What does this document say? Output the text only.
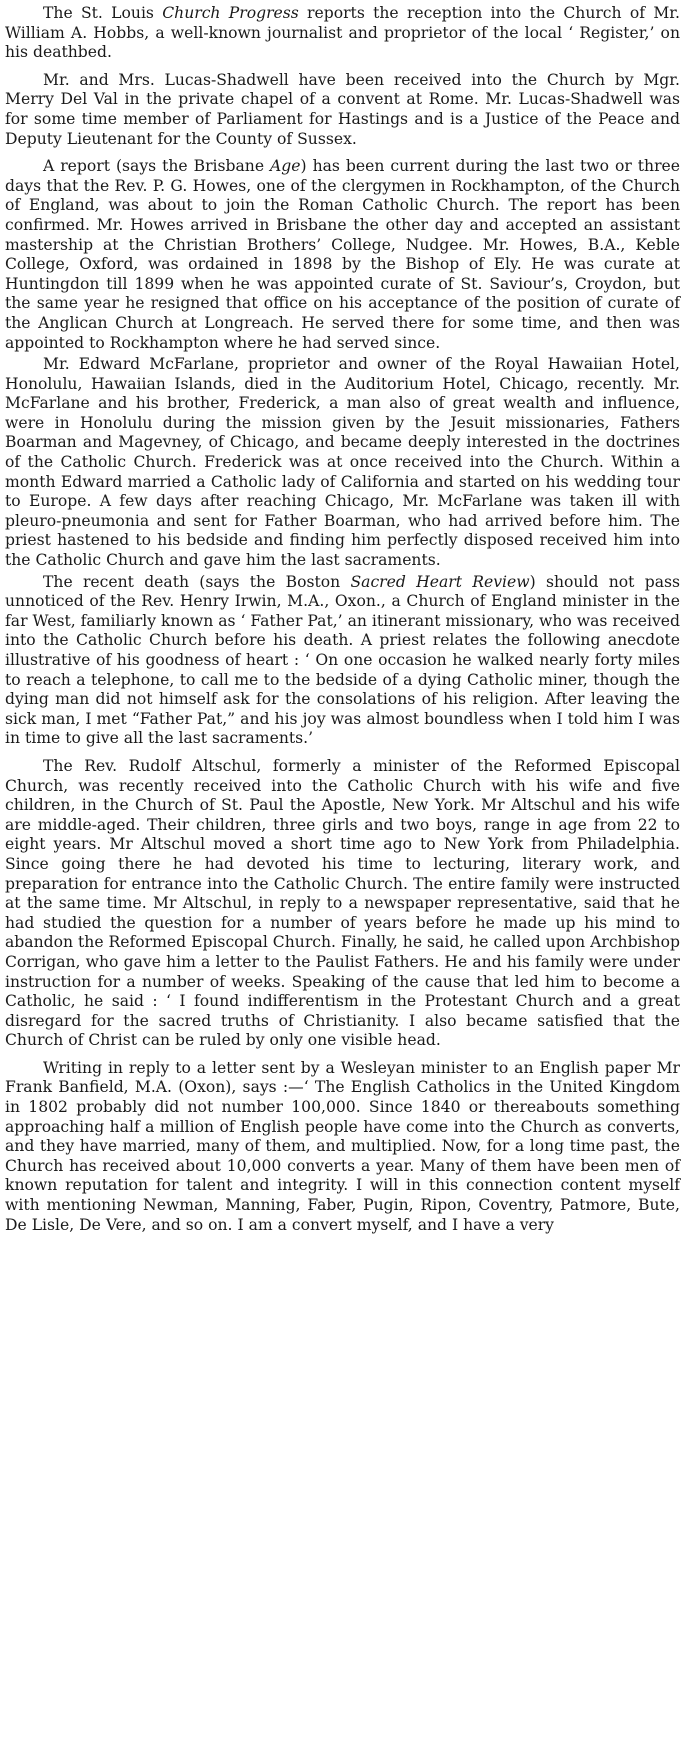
The St. Louis Church Progress reports the reception into the Church of Mr. William A. Hobbs, a well-known journalist and proprietor of the local ‘ Register,’ on his deathbed.

Mr. and Mrs. Lucas-Shadwell have been received into the Church by Mgr. Merry Del Val in the private chapel of a convent at Rome. Mr. Lucas-Shadwell was for some time member of Parliament for Hastings and is a Justice of the Peace and Deputy Lieutenant for the County of Sussex.

A report (says the Brisbane Age) has been current during the last two or three days that the Rev. P. G. Howes, one of the clergymen in Rockhampton, of the Church of England, was about to join the Roman Catholic Church. The report has been confirmed. Mr. Howes arrived in Brisbane the other day and accepted an assistant mastership at the Christian Brothers’ College, Nudgee. Mr. Howes, B.A., Keble College, Oxford, was ordained in 1898 by the Bishop of Ely. He was curate at Huntingdon till 1899 when he was appointed curate of St. Saviour’s, Croydon, but the same year he resigned that office on his acceptance of the position of curate of the Anglican Church at Longreach. He served there for some time, and then was appointed to Rockhampton where he had served since.

Mr. Edward McFarlane, proprietor and owner of the Royal Hawaiian Hotel, Honolulu, Hawaiian Islands, died in the Auditorium Hotel, Chicago, recently. Mr. McFarlane and his brother, Frederick, a man also of great wealth and influence, were in Honolulu during the mission given by the Jesuit missionaries, Fathers Boarman and Magevney, of Chicago, and became deeply interested in the doctrines of the Catholic Church. Frederick was at once received into the Church. Within a month Edward married a Catholic lady of California and started on his wedding tour to Europe. A few days after reaching Chicago, Mr. McFarlane was taken ill with pleuro-pneumonia and sent for Father Boarman, who had arrived before him. The priest hastened to his bedside and finding him perfectly disposed received him into the Catholic Church and gave him the last sacraments.

The recent death (says the Boston Sacred Heart Review) should not pass unnoticed of the Rev. Henry Irwin, M.A., Oxon., a Church of England minister in the far West, familiarly known as ‘ Father Pat,’ an itinerant missionary, who was received into the Catholic Church before his death. A priest relates the following anecdote illustrative of his goodness of heart : ‘ On one occasion he walked nearly forty miles to reach a telephone, to call me to the bedside of a dying Catholic miner, though the dying man did not himself ask for the consolations of his religion. After leaving the sick man, I met “Father Pat,” and his joy was almost boundless when I told him I was in time to give all the last sacraments.’

The Rev. Rudolf Altschul, formerly a minister of the Reformed Episcopal Church, was recently received into the Catholic Church with his wife and five children, in the Church of St. Paul the Apostle, New York. Mr Altschul and his wife are middle-aged. Their children, three girls and two boys, range in age from 22 to eight years. Mr Altschul moved a short time ago to New York from Philadelphia. Since going there he had devoted his time to lecturing, literary work, and preparation for entrance into the Catholic Church. The entire family were instructed at the same time. Mr Altschul, in reply to a newspaper representative, said that he had studied the question for a number of years before he made up his mind to abandon the Reformed Episcopal Church. Finally, he said, he called upon Archbishop Corrigan, who gave him a letter to the Paulist Fathers. He and his family were under instruction for a number of weeks. Speaking of the cause that led him to become a Catholic, he said : ‘ I found indifferentism in the Protestant Church and a great disregard for the sacred truths of Christianity. I also became satisfied that the Church of Christ can be ruled by only one visible head.

Writing in reply to a letter sent by a Wesleyan minister to an English paper Mr Frank Banfield, M.A. (Oxon), says :—‘ The English Catholics in the United Kingdom in 1802 probably did not number 100,000. Since 1840 or thereabouts something approaching half a million of English people have come into the Church as converts, and they have married, many of them, and multiplied. Now, for a long time past, the Church has received about 10,000 converts a year. Many of them have been men of known reputation for talent and integrity. I will in this connection content myself with mentioning Newman, Manning, Faber, Pugin, Ripon, Coventry, Patmore, Bute, De Lisle, De Vere, and so on. I am a convert myself, and I have a very
